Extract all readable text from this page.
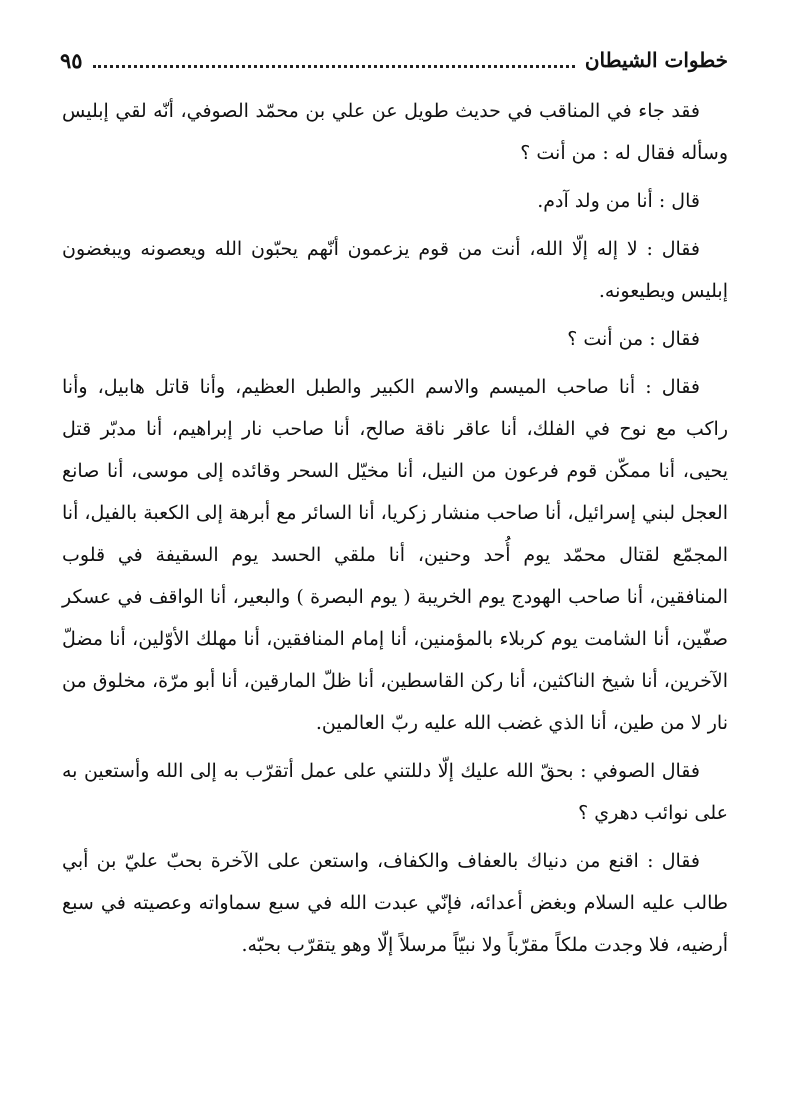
خطوات الشيطان
٩٥

فقد جاء في المناقب في حديث طويل عن علي بن محمّد الصوفي، أنّه لقي إبليس وسأله فقال له : من أنت ؟

قال : أنا من ولد آدم.

فقال : لا إله إلّا الله، أنت من قوم يزعمون أنّهم يحبّون الله ويعصونه ويبغضون إبليس ويطيعونه.

فقال : من أنت ؟

فقال : أنا صاحب الميسم والاسم الكبير والطبل العظيم، وأنا قاتل هابيل، وأنا راكب مع نوح في الفلك، أنا عاقر ناقة صالح، أنا صاحب نار إبراهيم، أنا مدبّر قتل يحيى، أنا ممكّن قوم فرعون من النيل، أنا مخيّل السحر وقائده إلى موسى، أنا صانع العجل لبني إسرائيل، أنا صاحب منشار زكريا، أنا السائر مع أبرهة إلى الكعبة بالفيل، أنا المجمّع لقتال محمّد يوم أُحد وحنين، أنا ملقي الحسد يوم السقيفة في قلوب المنافقين، أنا صاحب الهودج يوم الخريبة ( يوم البصرة ) والبعير، أنا الواقف في عسكر صفّين، أنا الشامت يوم كربلاء بالمؤمنين، أنا إمام المنافقين، أنا مهلك الأوّلين، أنا مضلّ الآخرين، أنا شيخ الناكثين، أنا ركن القاسطين، أنا ظلّ المارقين، أنا أبو مرّة، مخلوق من نار لا من طين، أنا الذي غضب الله عليه ربّ العالمين.

فقال الصوفي : بحقّ الله عليك إلّا دللتني على عمل أتقرّب به إلى الله وأستعين به على نوائب دهري ؟

فقال : اقنع من دنياك بالعفاف والكفاف، واستعن على الآخرة بحبّ عليّ بن أبي طالب عليه السلام وبغض أعدائه، فإنّي عبدت الله في سبع سماواته وعصيته في سبع أرضيه، فلا وجدت ملكاً مقرّباً ولا نبيّاً مرسلاً إلّا وهو يتقرّب بحبّه.
